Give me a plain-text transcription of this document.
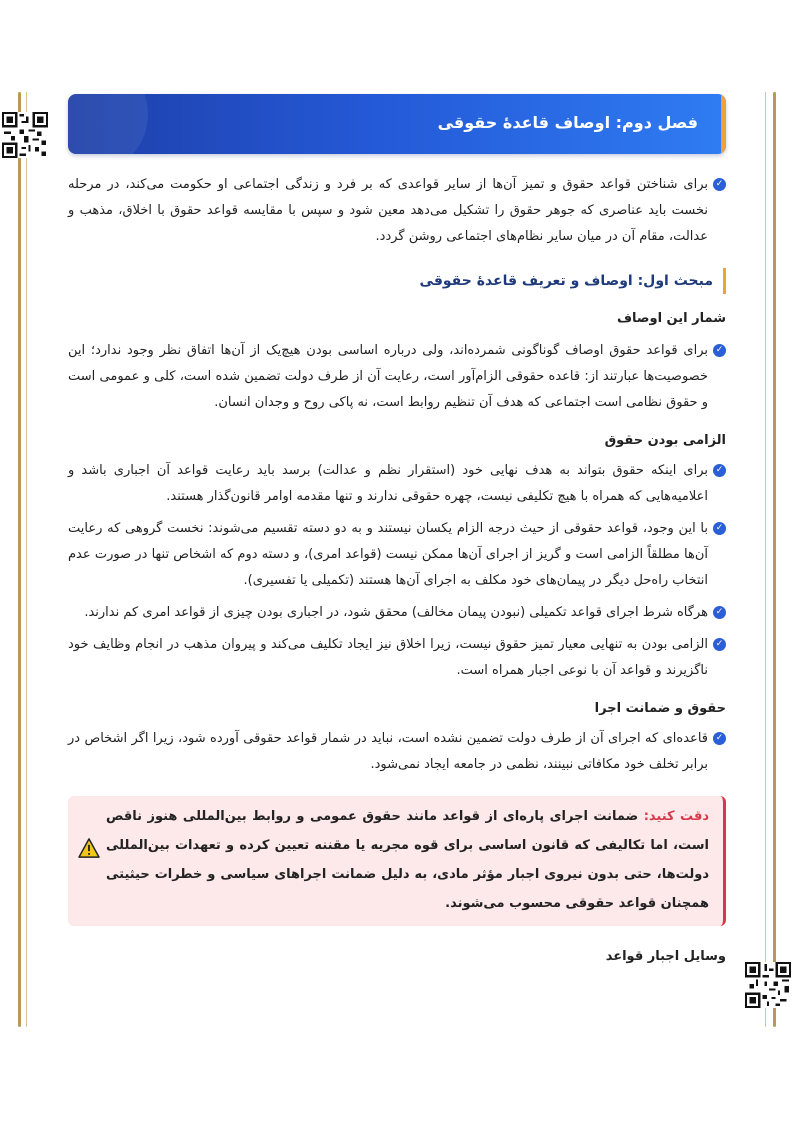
فصل دوم: اوصاف قاعدهٔ حقوقی
✓
برای شناختن قواعد حقوق و تمیز آن‌ها از سایر قواعدی که بر فرد و زندگی اجتماعی او حکومت می‌کند، در مرحله نخست باید عناصری که جوهر حقوق را تشکیل می‌دهد معین شود و سپس با مقایسه قواعد حقوق با اخلاق، مذهب و عدالت، مقام آن در میان سایر نظام‌های اجتماعی روشن گردد.
مبحث اول: اوصاف و تعریف قاعدهٔ حقوقی
شمار این اوصاف
✓
برای قواعد حقوق اوصاف گوناگونی شمرده‌اند، ولی درباره اساسی بودن هیچ‌یک از آن‌ها اتفاق نظر وجود ندارد؛ این خصوصیت‌ها عبارتند از: قاعده حقوقی الزام‌آور است، رعایت آن از طرف دولت تضمین شده است، کلی و عمومی است و حقوق نظامی است اجتماعی که هدف آن تنظیم روابط است، نه پاکی روح و وجدان انسان.
الزامی بودن حقوق
✓
برای اینکه حقوق بتواند به هدف نهایی خود (استقرار نظم و عدالت) برسد باید رعایت قواعد آن اجباری باشد و اعلامیه‌هایی که همراه با هیچ تکلیفی نیست، چهره حقوقی ندارند و تنها مقدمه اوامر قانون‌گذار هستند.
✓
با این وجود، قواعد حقوقی از حیث درجه الزام یکسان نیستند و به دو دسته تقسیم می‌شوند: نخست گروهی که رعایت آن‌ها مطلقاً الزامی است و گریز از اجرای آن‌ها ممکن نیست (قواعد امری)، و دسته دوم که اشخاص تنها در صورت عدم انتخاب راه‌حل دیگر در پیمان‌های خود مکلف به اجرای آن‌ها هستند (تکمیلی یا تفسیری).
✓
هرگاه شرط اجرای قواعد تکمیلی (نبودن پیمان مخالف) محقق شود، در اجباری بودن چیزی از قواعد امری کم ندارند.
✓
الزامی بودن به تنهایی معیار تمیز حقوق نیست، زیرا اخلاق نیز ایجاد تکلیف می‌کند و پیروان مذهب در انجام وظایف خود ناگزیرند و قواعد آن با نوعی اجبار همراه است.
حقوق و ضمانت اجرا
✓
قاعده‌ای که اجرای آن از طرف دولت تضمین نشده است، نباید در شمار قواعد حقوقی آورده شود، زیرا اگر اشخاص در برابر تخلف خود مکافاتی نبینند، نظمی در جامعه ایجاد نمی‌شود.
دقت کنید: ضمانت اجرای پاره‌ای از قواعد مانند حقوق عمومی و روابط بین‌المللی هنوز ناقص است، اما تکالیفی که قانون اساسی برای قوه مجریه یا مقننه تعیین کرده و تعهدات بین‌المللی دولت‌ها، حتی بدون نیروی اجبار مؤثر مادی، به دلیل ضمانت اجراهای سیاسی و خطرات حیثیتی همچنان قواعد حقوقی محسوب می‌شوند.
وسایل اجبار قواعد
